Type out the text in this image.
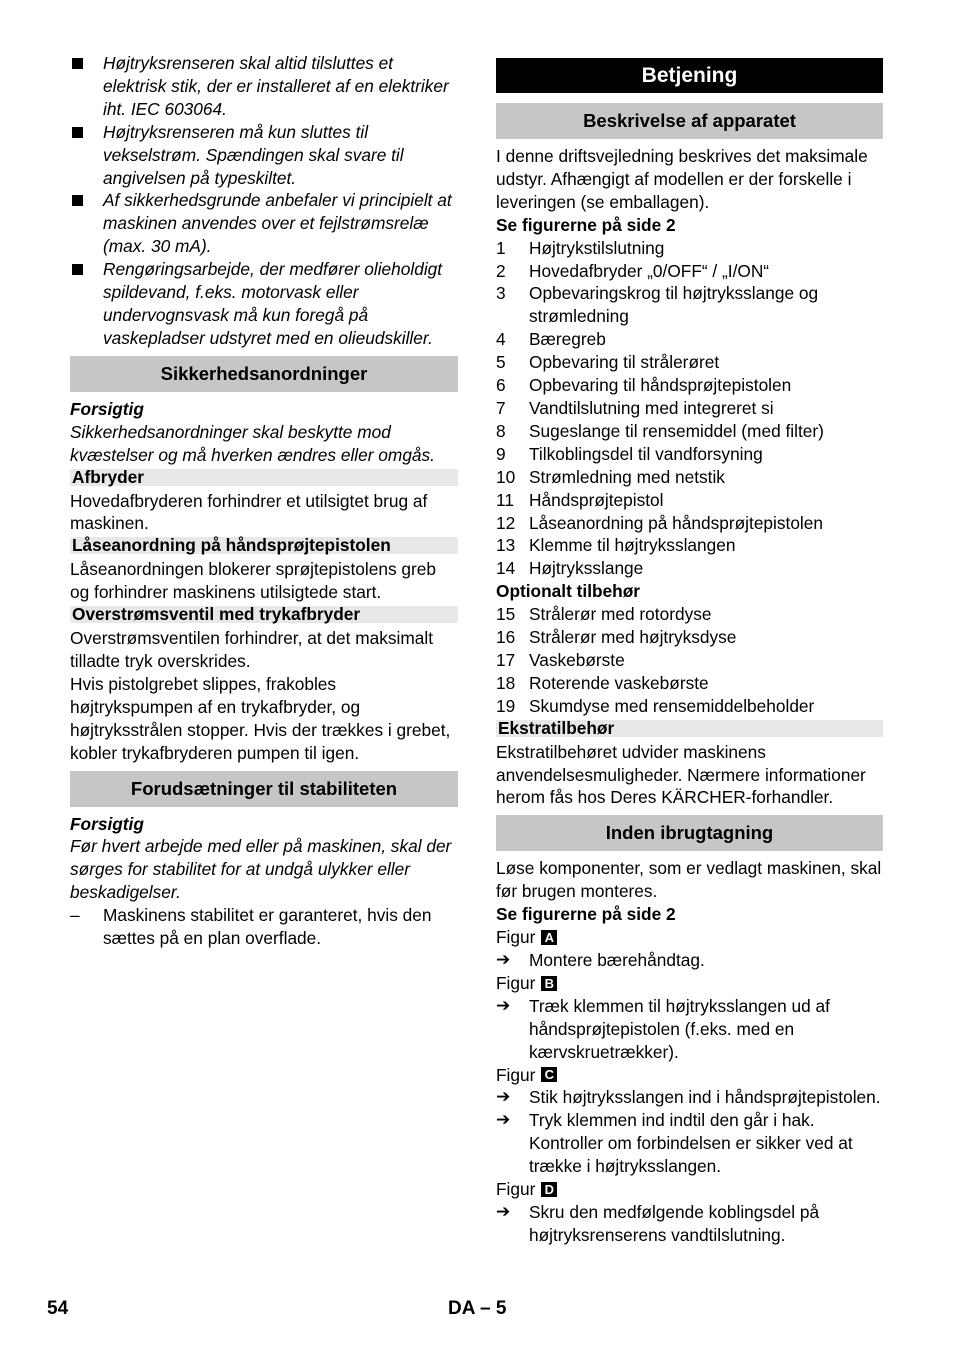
Højtryksrenseren skal altid tilsluttes et elektrisk stik, der er installeret af en elektriker iht. IEC 603064.

Højtryksrenseren må kun sluttes til vekselstrøm. Spændingen skal svare til angivelsen på typeskiltet.

Af sikkerhedsgrunde anbefaler vi principielt at maskinen anvendes over et fejlstrømsrelæ (max. 30 mA).

Rengøringsarbejde, der medfører olieholdigt spildevand, f.eks. motorvask eller undervognsvask må kun foregå på vaskepladser udstyret med en olieudskiller.

Sikkerhedsanordninger

Forsigtig

Sikkerhedsanordninger skal beskytte mod kvæstelser og må hverken ændres eller omgås.

Afbryder

Hovedafbryderen forhindrer et utilsigtet brug af maskinen.

Låseanordning på håndsprøjtepistolen

Låseanordningen blokerer sprøjtepistolens greb og forhindrer maskinens utilsigtede start.

Overstrømsventil med trykafbryder

Overstrømsventilen forhindrer, at det maksimalt tilladte tryk overskrides.

Hvis pistolgrebet slippes, frakobles højtrykspumpen af en trykafbryder, og højtryksstrålen stopper. Hvis der trækkes i grebet, kobler trykafbryderen pumpen til igen.

Forudsætninger til stabiliteten

Forsigtig

Før hvert arbejde med eller på maskinen, skal der sørges for stabilitet for at undgå ulykker eller beskadigelser.

–	Maskinens stabilitet er garanteret, hvis den sættes på en plan overflade.

Betjening
Beskrivelse af apparatet

I denne driftsvejledning beskrives det maksimale udstyr. Afhængigt af modellen er der forskelle i leveringen (se emballagen).

Se figurerne på side 2

1	Højtrykstilslutning
2	Hovedafbryder „0/OFF“ / „I/ON“
3	Opbevaringskrog til højtryksslange og strømledning
4	Bæregreb
5	Opbevaring til strålerøret
6	Opbevaring til håndsprøjtepistolen
7	Vandtilslutning med integreret si
8	Sugeslange til rensemiddel (med filter)
9	Tilkoblingsdel til vandforsyning
10 Strømledning med netstik
11 Håndsprøjtepistol
12 Låseanordning på håndsprøjtepistolen
13 Klemme til højtryksslangen
14 Højtryksslange

Optionalt tilbehør

15 Strålerør med rotordyse
16 Strålerør med højtryksdyse
17 Vaskebørste
18 Roterende vaskebørste
19 Skumdyse med rensemiddelbeholder
Ekstratilbehør

Ekstratilbehøret udvider maskinens anvendelsesmuligheder. Nærmere informationer herom fås hos Deres KÄRCHER-forhandler.

Inden ibrugtagning

Løse komponenter, som er vedlagt maskinen, skal før brugen monteres.

Se figurerne på side 2

Figur A
➔	Montere bærehåndtag.

Figur B
➔	Træk klemmen til højtryksslangen ud af håndsprøjtepistolen (f.eks. med en kærvskruetrækker).

Figur C
➔	Stik højtryksslangen ind i håndsprøjtepistolen.

➔	Tryk klemmen ind indtil den går i hak. Kontroller om forbindelsen er sikker ved at trække i højtryksslangen.

Figur D
➔	Skru den medfølgende koblingsdel på højtryksrenserens vandtilslutning.

54	DA – 5
